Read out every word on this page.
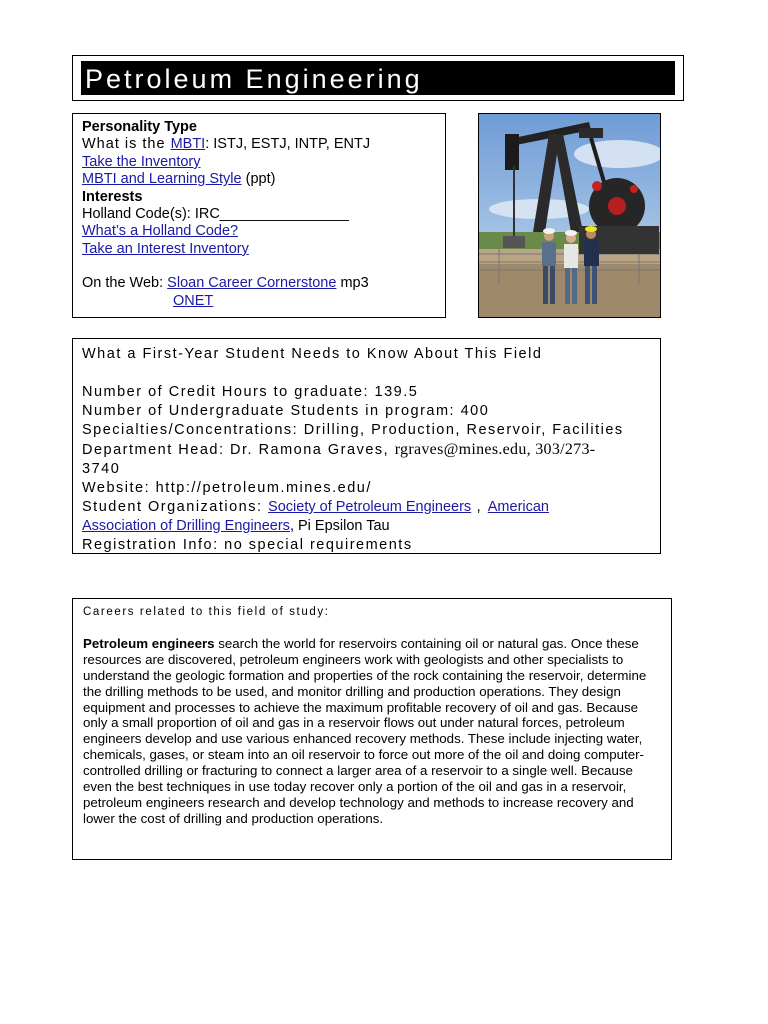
Petroleum Engineering
Personality Type
What is the MBTI: ISTJ, ESTJ, INTP, ENTJ
Take the Inventory
MBTI and Learning Style (ppt)
Interests
Holland Code(s): IRC________________
What’s a Holland Code?
Take an Interest Inventory
On the Web: Sloan Career Cornerstone mp3
ONET
What a First-Year Student Needs to Know About This Field
Number of Credit Hours to graduate: 139.5
Number of Undergraduate Students in program: 400
Specialties/Concentrations: Drilling, Production, Reservoir, Facilities
Department Head: Dr. Ramona Graves, rgraves@mines.edu, 303/273-
3740
Website: http://petroleum.mines.edu/
Student Organizations: Society of Petroleum Engineers , American
Association of Drilling Engineers, Pi Epsilon Tau
Registration Info: no special requirements
Careers related to this field of study:
Petroleum engineers search the world for reservoirs containing oil or natural gas. Once these resources are discovered, petroleum engineers work with geologists and other specialists to understand the geologic formation and properties of the rock containing the reservoir, determine the drilling methods to be used, and monitor drilling and production operations. They design equipment and processes to achieve the maximum profitable recovery of oil and gas. Because only a small proportion of oil and gas in a reservoir flows out under natural forces, petroleum engineers develop and use various enhanced recovery methods. These include injecting water, chemicals, gases, or steam into an oil reservoir to force out more of the oil and doing computer-controlled drilling or fracturing to connect a larger area of a reservoir to a single well. Because even the best techniques in use today recover only a portion of the oil and gas in a reservoir, petroleum engineers research and develop technology and methods to increase recovery and lower the cost of drilling and production operations.
